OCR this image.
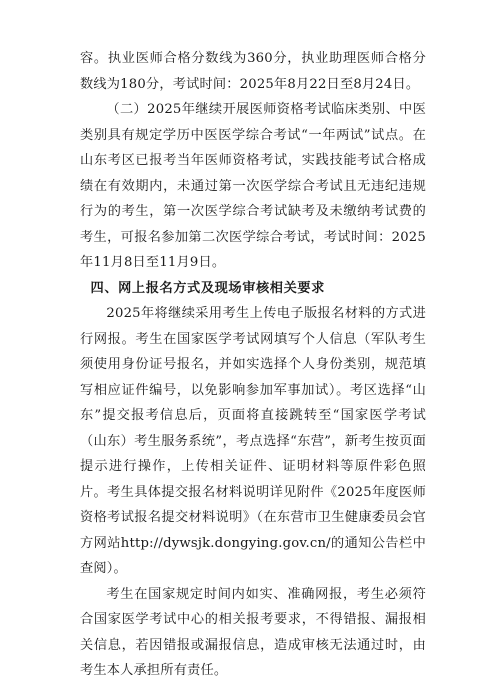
容。执业医师合格分数线为360分，执业助理医师合格分数线为180分，考试时间：2025年8月22日至8月24日。

（二）2025年继续开展医师资格考试临床类别、中医类别具有规定学历中医医学综合考试“一年两试”试点。在山东考区已报考当年医师资格考试，实践技能考试合格成绩在有效期内，未通过第一次医学综合考试且无违纪违规行为的考生，第一次医学综合考试缺考及未缴纳考试费的考生，可报名参加第二次医学综合考试，考试时间：2025年11月8日至11月9日。

四、网上报名方式及现场审核相关要求

2025年将继续采用考生上传电子版报名材料的方式进行网报。考生在国家医学考试网填写个人信息（军队考生须使用身份证号报名，并如实选择个人身份类别，规范填写相应证件编号，以免影响参加军事加试）。考区选择“山东”提交报考信息后，页面将直接跳转至“国家医学考试（山东）考生服务系统”，考点选择“东营”，新考生按页面提示进行操作，上传相关证件、证明材料等原件彩色照片。考生具体提交报名材料说明详见附件《2025年度医师资格考试报名提交材料说明》（在东营市卫生健康委员会官方网站http://dywsjk.dongying.gov.cn/的通知公告栏中查阅）。

考生在国家规定时间内如实、准确网报，考生必须符合国家医学考试中心的相关报考要求，不得错报、漏报相关信息，若因错报或漏报信息，造成审核无法通过时，由考生本人承担所有责任。
